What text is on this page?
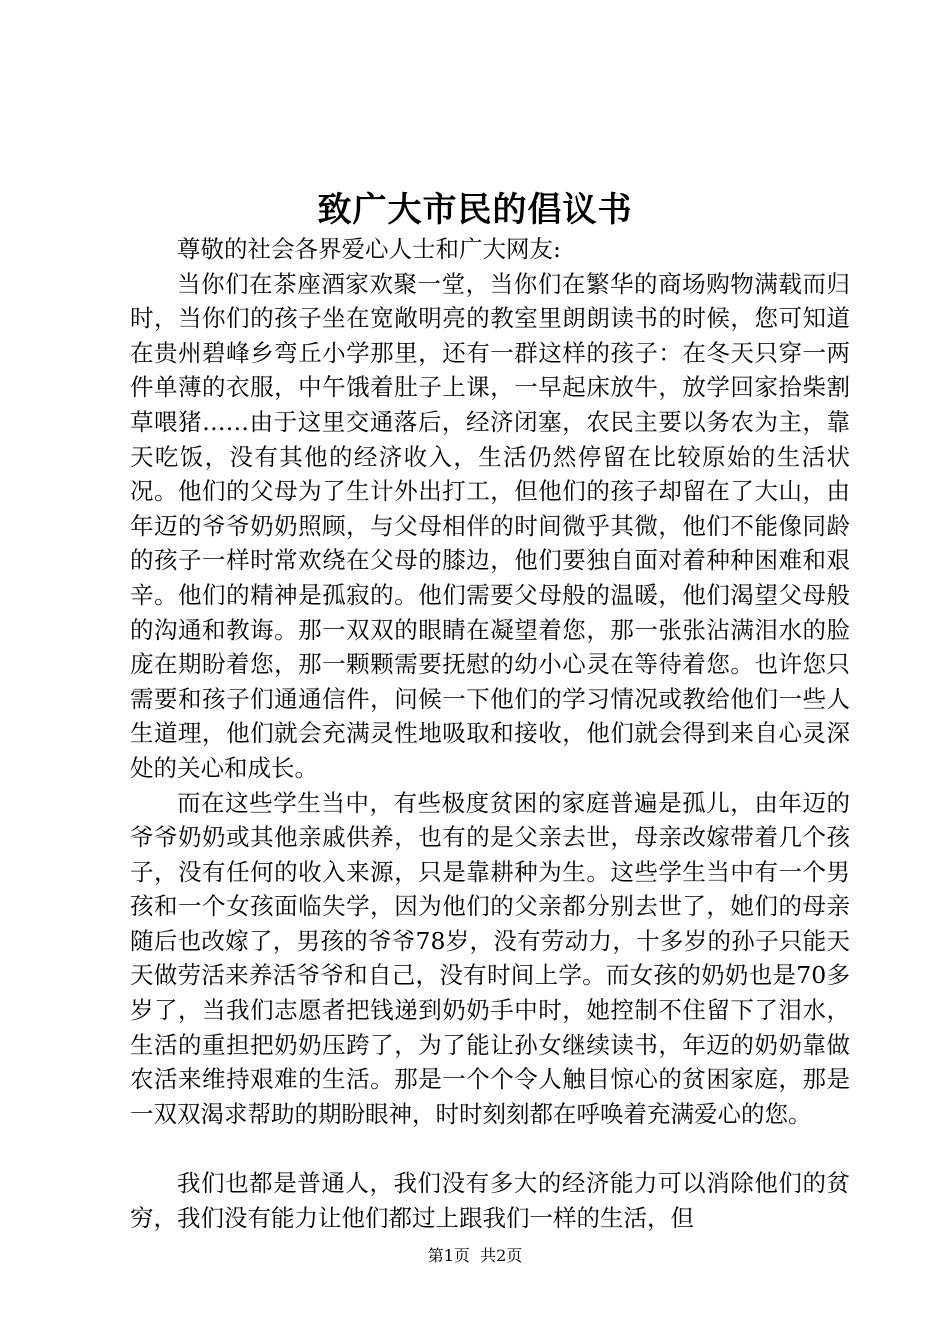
致广大市民的倡议书

尊敬的社会各界爱心人士和广大网友:

当你们在茶座酒家欢聚一堂，当你们在繁华的商场购物满载而归时，当你们的孩子坐在宽敞明亮的教室里朗朗读书的时候，您可知道在贵州碧峰乡弯丘小学那里，还有一群这样的孩子：在冬天只穿一两件单薄的衣服，中午饿着肚子上课，一早起床放牛，放学回家拾柴割草喂猪……由于这里交通落后，经济闭塞，农民主要以务农为主，靠天吃饭，没有其他的经济收入，生活仍然停留在比较原始的生活状况。他们的父母为了生计外出打工，但他们的孩子却留在了大山，由年迈的爷爷奶奶照顾，与父母相伴的时间微乎其微，他们不能像同龄的孩子一样时常欢绕在父母的膝边，他们要独自面对着种种困难和艰辛。他们的精神是孤寂的。他们需要父母般的温暖，他们渴望父母般的沟通和教诲。那一双双的眼睛在凝望着您，那一张张沾满泪水的脸庞在期盼着您，那一颗颗需要抚慰的幼小心灵在等待着您。也许您只需要和孩子们通通信件，问候一下他们的学习情况或教给他们一些人生道理，他们就会充满灵性地吸取和接收，他们就会得到来自心灵深处的关心和成长。

而在这些学生当中，有些极度贫困的家庭普遍是孤儿，由年迈的爷爷奶奶或其他亲戚供养，也有的是父亲去世，母亲改嫁带着几个孩子，没有任何的收入来源，只是靠耕种为生。这些学生当中有一个男孩和一个女孩面临失学，因为他们的父亲都分别去世了，她们的母亲随后也改嫁了，男孩的爷爷78岁，没有劳动力，十多岁的孙子只能天天做劳活来养活爷爷和自己，没有时间上学。而女孩的奶奶也是70多岁了，当我们志愿者把钱递到奶奶手中时，她控制不住留下了泪水，生活的重担把奶奶压跨了，为了能让孙女继续读书，年迈的奶奶靠做农活来维持艰难的生活。那是一个个令人触目惊心的贫困家庭，那是一双双渴求帮助的期盼眼神，时时刻刻都在呼唤着充满爱心的您。

我们也都是普通人，我们没有多大的经济能力可以消除他们的贫穷，我们没有能力让他们都过上跟我们一样的生活，但

第1页  共2页
